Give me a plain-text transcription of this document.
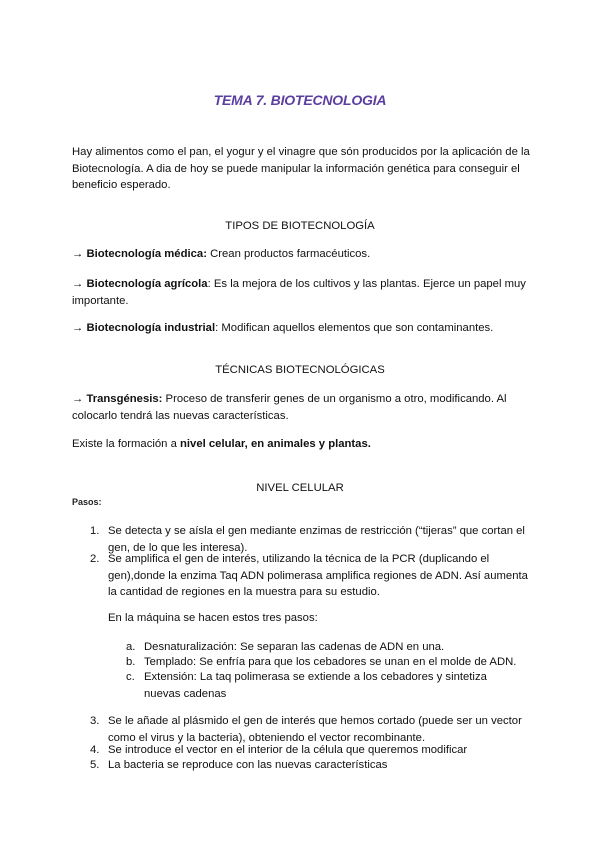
TEMA 7. BIOTECNOLOGIA

Hay alimentos como el pan, el yogur y el vinagre que són producidos por la aplicación de la Biotecnología. A dia de hoy se puede manipular la información genética para conseguir el beneficio esperado.

TIPOS DE BIOTECNOLOGÍA

→ Biotecnología médica: Crean productos farmacéuticos.

→ Biotecnología agrícola: Es la mejora de los cultivos y las plantas. Ejerce un papel muy importante.

→ Biotecnología industrial: Modifican aquellos elementos que son contaminantes.

TÉCNICAS BIOTECNOLÓGICAS

→ Transgénesis: Proceso de transferir genes de un organismo a otro, modificando. Al colocarlo tendrá las nuevas características.

Existe la formación a nivel celular, en animales y plantas.

NIVEL CELULAR
Pasos:
1. Se detecta y se aísla el gen mediante enzimas de restricción (“tijeras” que cortan el gen, de lo que les interesa).

2. Se amplifica el gen de interés, utilizando la técnica de la PCR (duplicando el gen),donde la enzima Taq ADN polimerasa amplifica regiones de ADN. Así aumenta la cantidad de regiones en la muestra para su estudio.

En la máquina se hacen estos tres pasos:

a. Desnaturalización: Se separan las cadenas de ADN en una.

b. Templado: Se enfría para que los cebadores se unan en el molde de ADN.

c. Extensión: La taq polimerasa se extiende a los cebadores y sintetiza nuevas cadenas

3. Se le añade al plásmido el gen de interés que hemos cortado (puede ser un vector como el virus y la bacteria), obteniendo el vector recombinante.

4. Se introduce el vector en el interior de la célula que queremos modificar

5. La bacteria se reproduce con las nuevas características
